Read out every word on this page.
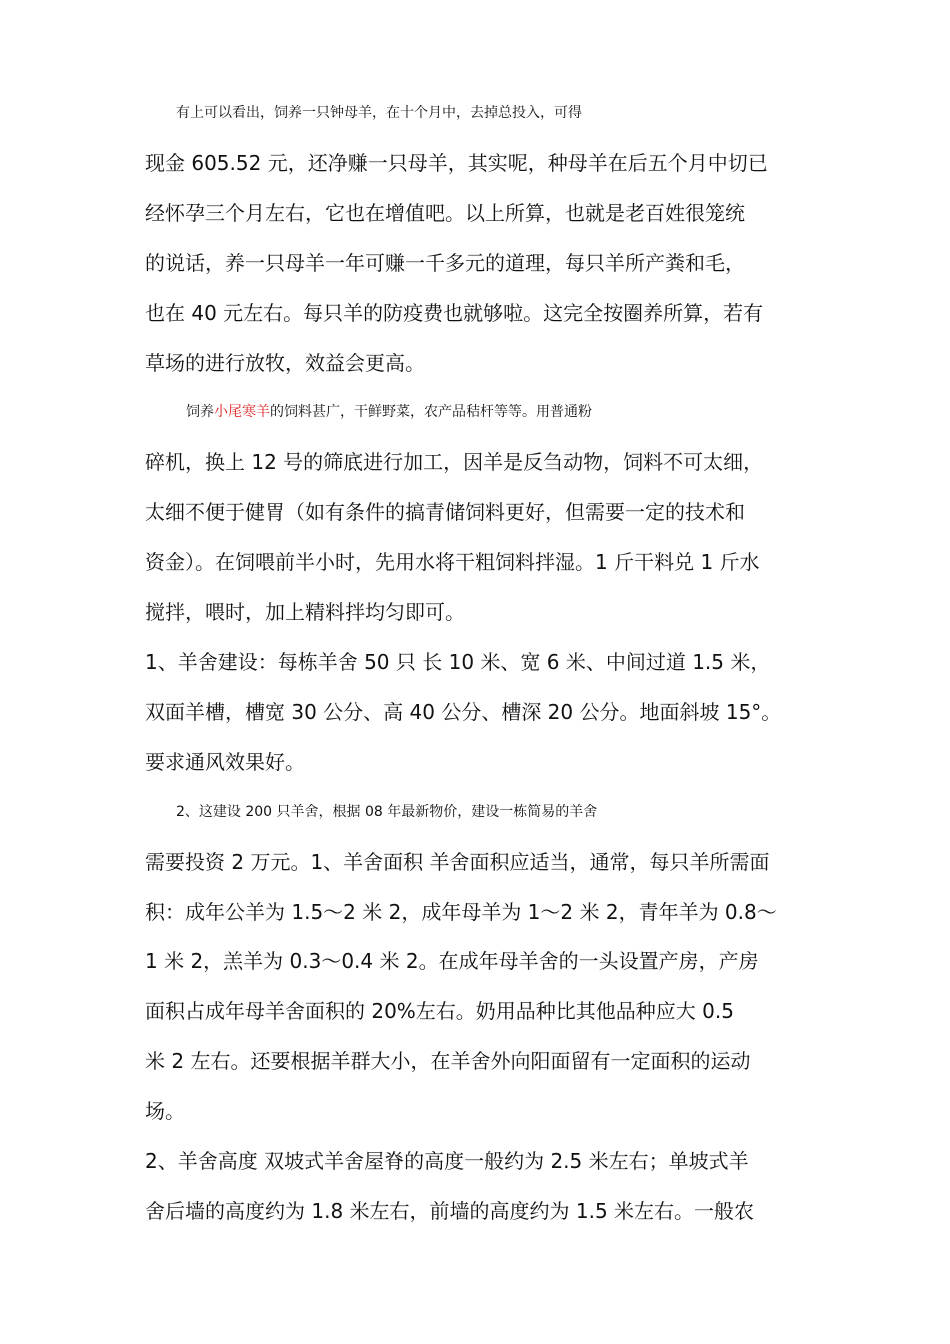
有上可以看出，饲养一只钟母羊，在十个月中，去掉总投入，可得
现金 605.52 元，还净赚一只母羊，其实呢，种母羊在后五个月中切已
经怀孕三个月左右，它也在增值吧。以上所算，也就是老百姓很笼统
的说话，养一只母羊一年可赚一千多元的道理，每只羊所产粪和毛，
也在 40 元左右。每只羊的防疫费也就够啦。这完全按圈养所算，若有
草场的进行放牧，效益会更高。
饲养小尾寒羊的饲料甚广，干鲜野菜，农产品秸杆等等。用普通粉
碎机，换上 12 号的筛底进行加工，因羊是反刍动物，饲料不可太细，
太细不便于健胃（如有条件的搞青储饲料更好，但需要一定的技术和
资金）。在饲喂前半小时，先用水将干粗饲料拌湿。1 斤干料兑 1 斤水
搅拌，喂时，加上精料拌均匀即可。
1、羊舍建设：每栋羊舍 50 只 长 10 米、宽 6 米、中间过道 1.5 米，
双面羊槽，槽宽 30 公分、高 40 公分、槽深 20 公分。地面斜坡 15°。
要求通风效果好。
2、这建设 200 只羊舍，根据 08 年最新物价，建设一栋简易的羊舍
需要投资 2 万元。1、羊舍面积 羊舍面积应适当，通常，每只羊所需面
积：成年公羊为 1.5～2 米 2，成年母羊为 1～2 米 2，青年羊为 0.8～
1 米 2，羔羊为 0.3～0.4 米 2。在成年母羊舍的一头设置产房，产房
面积占成年母羊舍面积的 20%左右。奶用品种比其他品种应大 0.5
米 2 左右。还要根据羊群大小，在羊舍外向阳面留有一定面积的运动
场。
2、羊舍高度 双坡式羊舍屋脊的高度一般约为 2.5 米左右；单坡式羊
舍后墙的高度约为 1.8 米左右，前墙的高度约为 1.5 米左右。一般农
